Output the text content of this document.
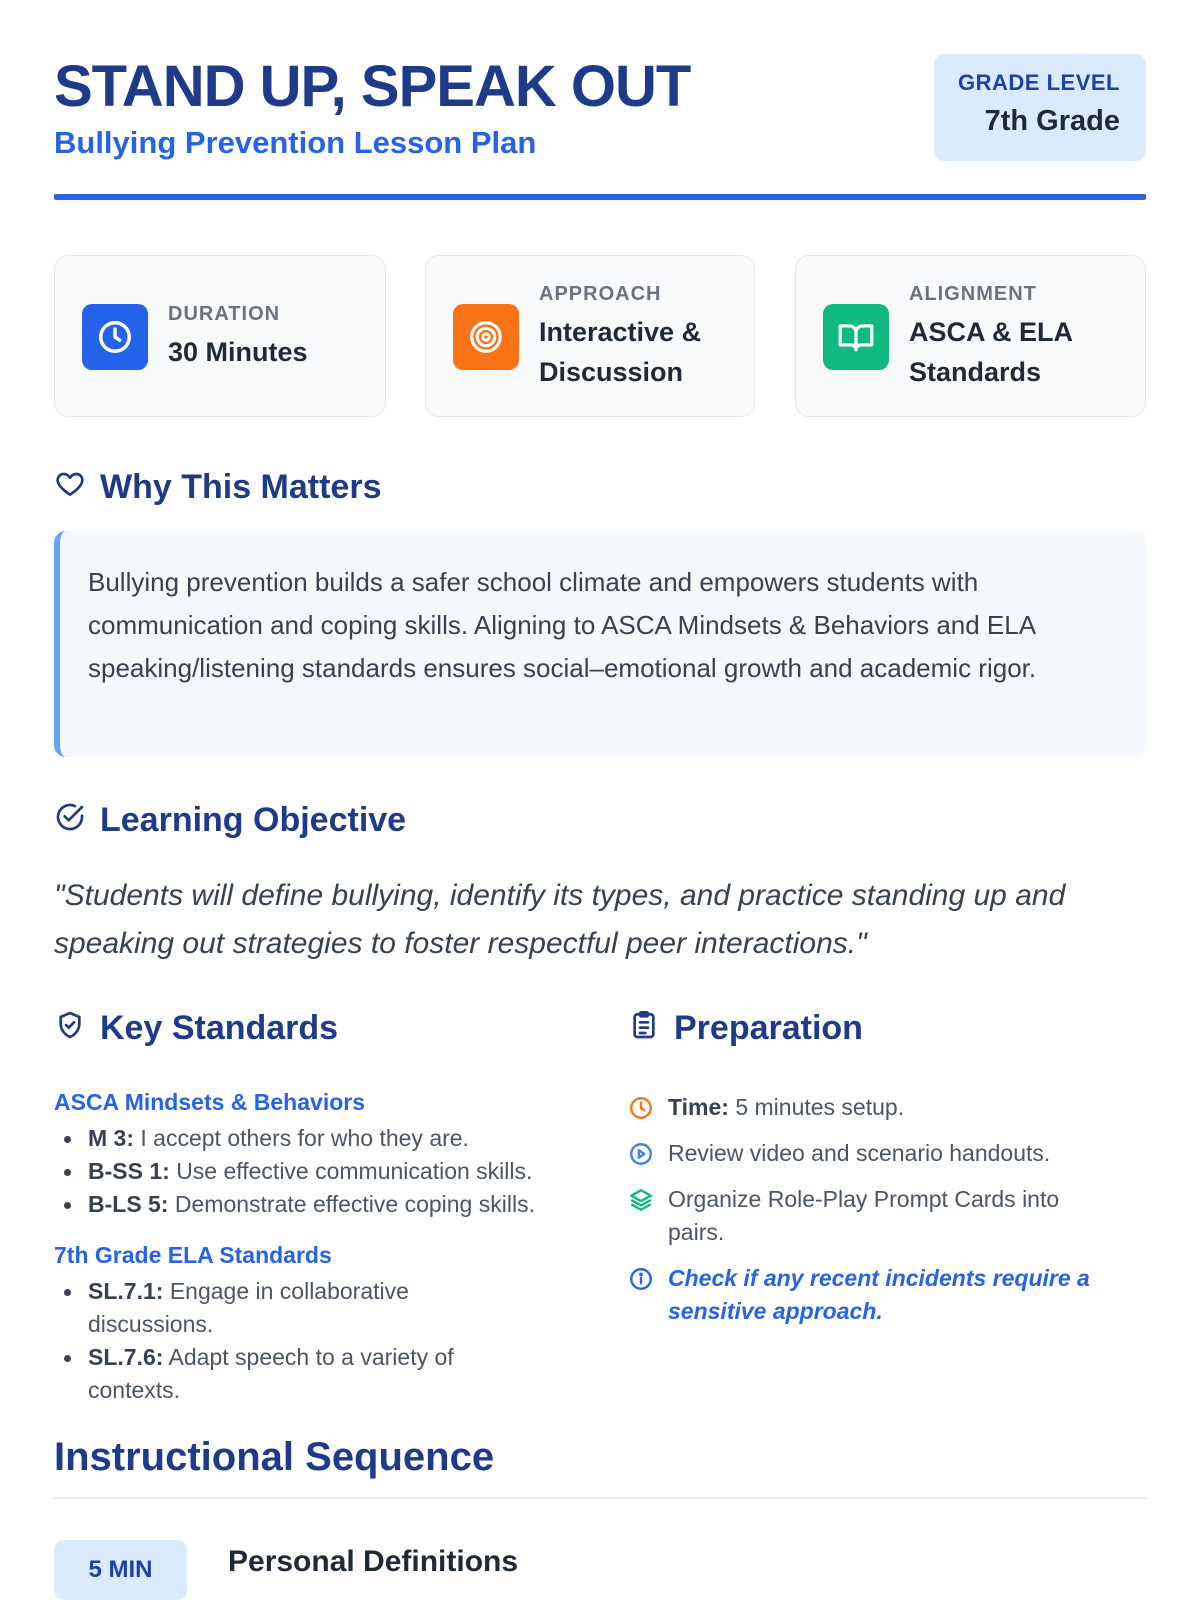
STAND UP, SPEAK OUT
Bullying Prevention Lesson Plan
GRADE LEVEL
7th Grade
DURATION
30 Minutes
APPROACH
Interactive & Discussion
ALIGNMENT
ASCA & ELA Standards
Why This Matters

Bullying prevention builds a safer school climate and empowers students with communication and coping skills. Aligning to ASCA Mindsets & Behaviors and ELA speaking/listening standards ensures social–emotional growth and academic rigor.

Learning Objective

"Students will define bullying, identify its types, and practice standing up and speaking out strategies to foster respectful peer interactions."

Key Standards
ASCA Mindsets & Behaviors
M 3: I accept others for who they are.
B-SS 1: Use effective communication skills.
B-LS 5: Demonstrate effective coping skills.
7th Grade ELA Standards
SL.7.1: Engage in collaborative discussions.
SL.7.6: Adapt speech to a variety of contexts.
Preparation
Time: 5 minutes setup.
Review video and scenario handouts.
Organize Role-Play Prompt Cards into pairs.
Check if any recent incidents require a sensitive approach.
Instructional Sequence
5 MIN	Personal Definitions
